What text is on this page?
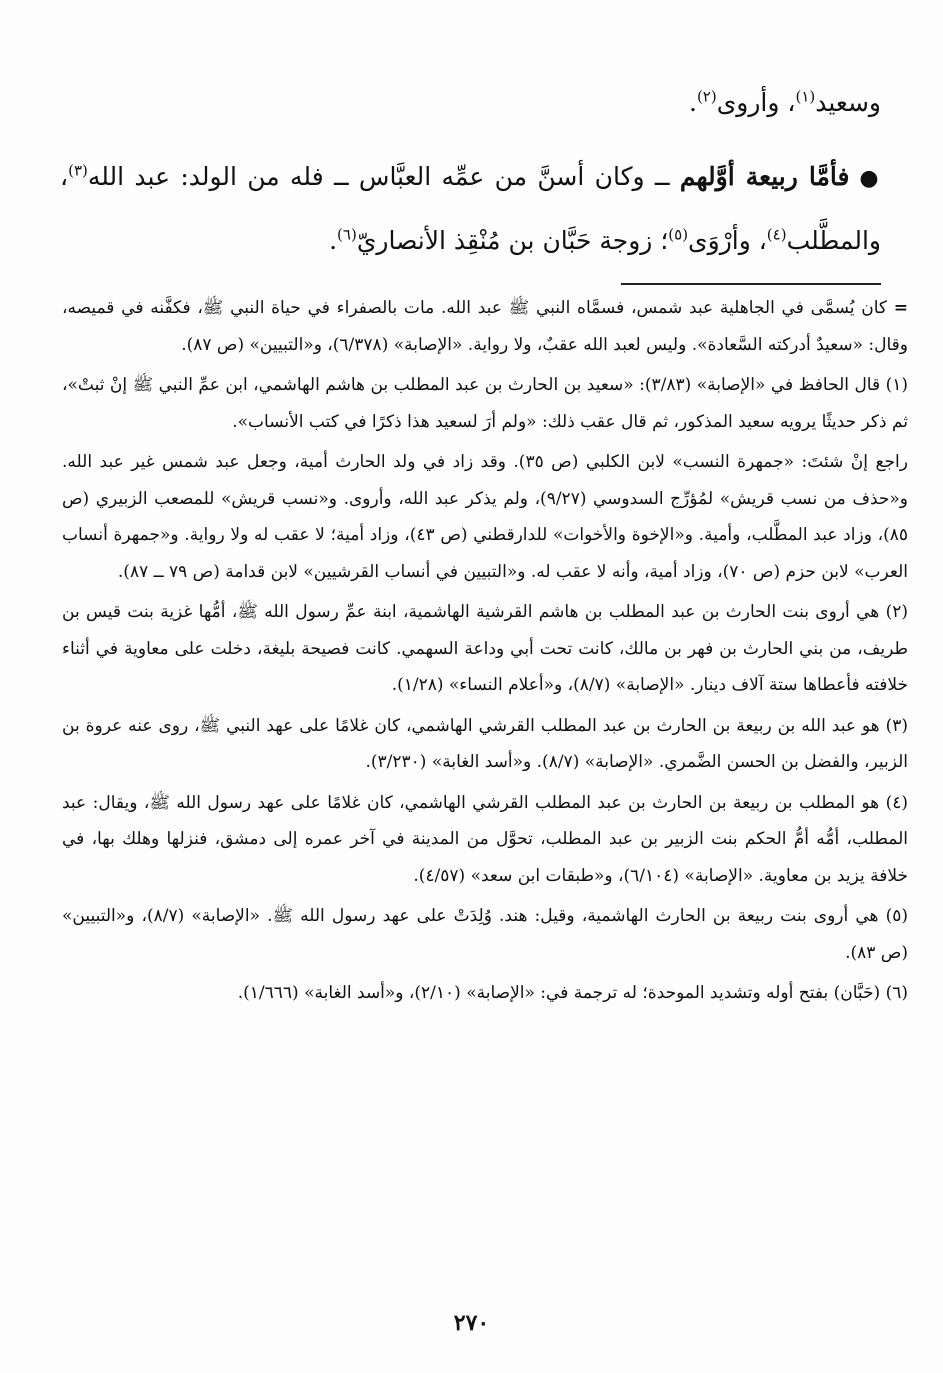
وسعيد$^{(١)}$، وأروى$^{(٢)}$.
●فأمَّا ربيعة أوَّلهم ــ وكان أسنَّ من عمِّه العبَّاس ــ فله من الولد: عبد الله$^{(٣)}$، والمطَّلب$^{(٤)}$، وأرْوَى$^{(٥)}$؛ زوجة حَبَّان بن مُنْقِذ الأنصاريّ$^{(٦)}$.

= كان يُسمَّى في الجاهلية عبد شمس، فسمَّاه النبي ﷺ عبد الله. مات بالصفراء في حياة النبي ﷺ، فكفَّنه في قميصه، وقال: «سعيدٌ أدركته السَّعادة». وليس لعبد الله عقبٌ، ولا رواية. «الإصابة» (٦/٣٧٨)، و«التبيين» (ص ٨٧).

(١) قال الحافظ في «الإصابة» (٣/٨٣): «سعيد بن الحارث بن عبد المطلب بن هاشم الهاشمي، ابن عمِّ النبي ﷺ إنْ ثبتْ»، ثم ذكر حديثًا يرويه سعيد المذكور، ثم قال عقب ذلك: «ولم أرَ لسعيد هذا ذكرًا في كتب الأنساب».

راجع إنْ شئتَ: «جمهرة النسب» لابن الكلبي (ص ٣٥). وقد زاد في ولد الحارث أمية، وجعل عبد شمس غير عبد الله. و«حذف من نسب قريش» لمُؤرِّج السدوسي (٩/٢٧)، ولم يذكر عبد الله، وأروى. و«نسب قريش» للمصعب الزبيري (ص ٨٥)، وزاد عبد المطَّلب، وأمية. و«الإخوة والأخوات» للدارقطني (ص ٤٣)، وزاد أمية؛ لا عقب له ولا رواية. و«جمهرة أنساب العرب» لابن حزم (ص ٧٠)، وزاد أمية، وأنه لا عقب له. و«التبيين في أنساب القرشيين» لابن قدامة (ص ٧٩ ــ ٨٧).

(٢) هي أروى بنت الحارث بن عبد المطلب بن هاشم القرشية الهاشمية، ابنة عمِّ رسول الله ﷺ، أمُّها غزية بنت قيس بن طريف، من بني الحارث بن فهر بن مالك، كانت تحت أبي وداعة السهمي. كانت فصيحة بليغة، دخلت على معاوية في أثناء خلافته فأعطاها ستة آلاف دينار. «الإصابة» (٨/٧)، و«أعلام النساء» (١/٢٨).

(٣) هو عبد الله بن ربيعة بن الحارث بن عبد المطلب القرشي الهاشمي، كان غلامًا على عهد النبي ﷺ، روى عنه عروة بن الزبير، والفضل بن الحسن الضَّمري. «الإصابة» (٨/٧). و«أسد الغابة» (٣/٢٣٠).

(٤) هو المطلب بن ربيعة بن الحارث بن عبد المطلب القرشي الهاشمي، كان غلامًا على عهد رسول الله ﷺ، ويقال: عبد المطلب، أمُّه أمُّ الحكم بنت الزبير بن عبد المطلب، تحوَّل من المدينة في آخر عمره إلى دمشق، فنزلها وهلك بها، في خلافة يزيد بن معاوية. «الإصابة» (٦/١٠٤)، و«طبقات ابن سعد» (٤/٥٧).

(٥) هي أروى بنت ربيعة بن الحارث الهاشمية، وقيل: هند. وُلِدَتْ على عهد رسول الله ﷺ. «الإصابة» (٨/٧)، و«التبيين» (ص ٨٣).

(٦) (حَبَّان) بفتح أوله وتشديد الموحدة؛ له ترجمة في: «الإصابة» (٢/١٠)، و«أسد الغابة» (١/٦٦٦).

٢٧٠
